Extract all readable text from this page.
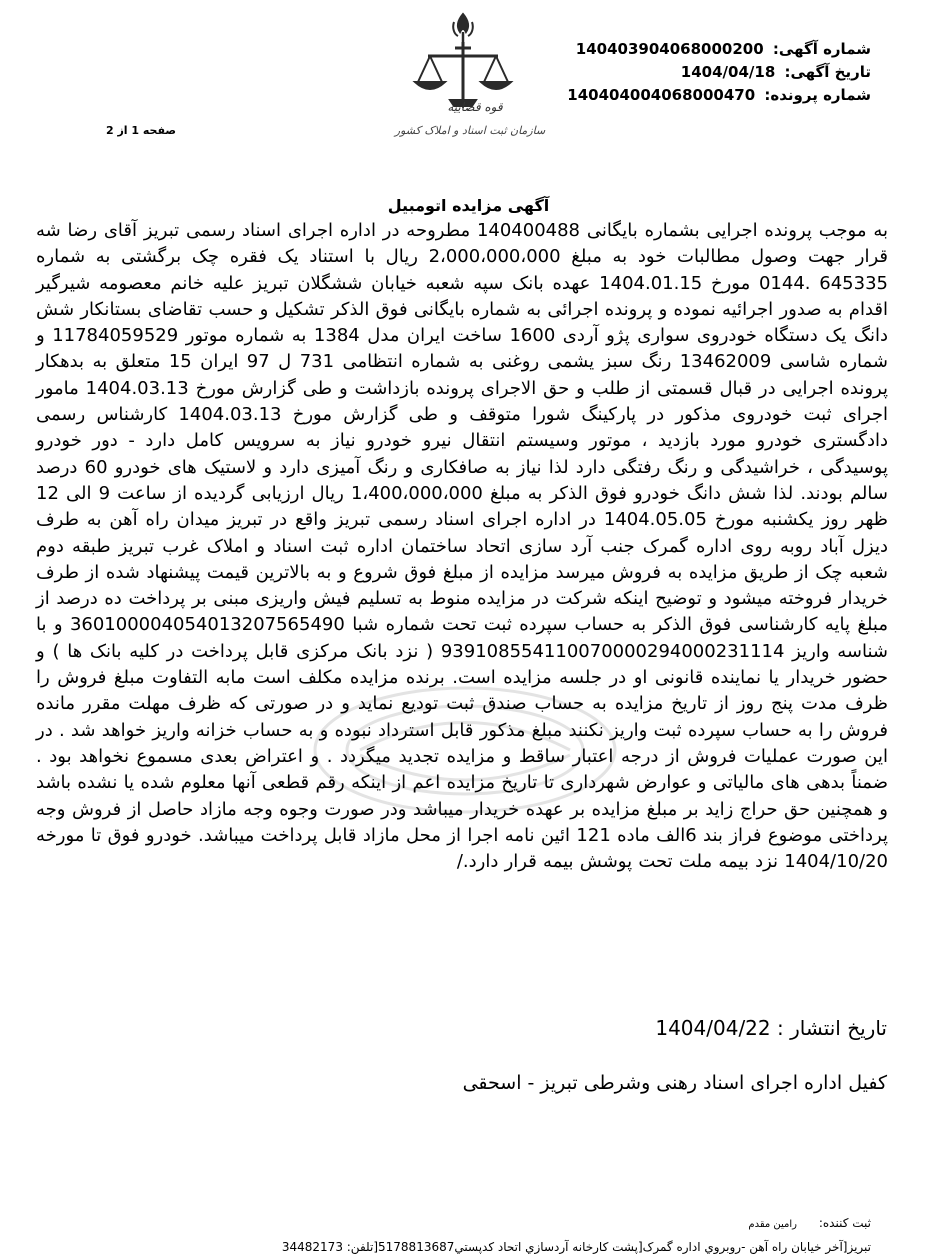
شماره آگهی: 140403904068000200
تاریخ آگهی: 1404/04/18
شماره پرونده: 140404004068000470
قوه قضاییه
سازمان ثبت اسناد و املاک کشور
صفحه 1 از 2
آگهی مزایده اتومبیل
به موجب پرونده اجرایی بشماره بایگانی 140400488 مطروحه در اداره اجرای اسناد رسمی تبریز آقای رضا شه قرار جهت وصول مطالبات خود به مبلغ 2،000،000،000 ریال با استناد یک فقره چک برگشتی به شماره 645335 .0144 مورخ 1404.01.15 عهده بانک سپه شعبه خیابان ششگلان تبریز علیه خانم معصومه شیرگیر اقدام به صدور اجرائیه نموده و پرونده اجرائی به شماره بایگانی فوق الذکر تشکیل و حسب تقاضای بستانکار شش دانگ یک دستگاه خودروی سواری پژو آردی 1600 ساخت ایران مدل 1384 به شماره موتور 11784059529 و شماره شاسی 13462009 رنگ سبز یشمی روغنی به شماره انتظامی 731 ل 97 ایران 15 متعلق به بدهکار پرونده اجرایی در قبال قسمتی از طلب و حق الاجرای پرونده بازداشت و طی گزارش مورخ 1404.03.13 مامور اجرای ثبت خودروی مذکور در پارکینگ شورا متوقف و طی گزارش مورخ 1404.03.13 کارشناس رسمی دادگستری خودرو مورد بازدید ، موتور وسیستم انتقال نیرو خودرو نیاز به سرویس کامل دارد - دور خودرو پوسیدگی ، خراشیدگی و رنگ رفتگی دارد لذا نیاز به صافکاری و رنگ آمیزی دارد و لاستیک های خودرو 60 درصد سالم بودند. لذا شش دانگ خودرو فوق الذکر به مبلغ 1،400،000،000 ریال ارزیابی گردیده از ساعت 9 الی 12 ظهر روز یکشنبه مورخ 1404.05.05 در اداره اجرای اسناد رسمی تبریز واقع در تبریز میدان راه آهن به طرف دیزل آباد روبه روی اداره گمرک جنب آرد سازی اتحاد ساختمان اداره ثبت اسناد و املاک غرب تبریز طبقه دوم شعبه چک از طریق مزایده به فروش میرسد مزایده از مبلغ فوق شروع و به بالاترین قیمت پیشنهاد شده از طرف خریدار فروخته میشود و توضیح اینکه شرکت در مزایده منوط به تسلیم فیش واریزی مبنی بر پرداخت ده درصد از مبلغ پایه کارشناسی فوق الذکر به حساب سپرده ثبت تحت شماره شبا 360100004054013207565490 و با شناسه واریز 939108554110070000294000231114 ( نزد بانک مرکزی قابل پرداخت در کلیه بانک ها ) و حضور خریدار یا نماینده قانونی او در جلسه مزایده است. برنده مزایده مکلف است مابه التفاوت مبلغ فروش را ظرف مدت پنج روز از تاریخ مزایده به حساب صندق ثبت تودیع نماید و در صورتی که ظرف مهلت مقرر مانده فروش را به حساب سپرده ثبت واریز نکنند مبلغ مذکور قابل استرداد نبوده و به حساب خزانه واریز خواهد شد . در این صورت عملیات فروش از درجه اعتبار ساقط و مزایده تجدید میگردد . و اعتراض بعدی مسموع نخواهد بود . ضمناً بدهی های مالیاتی و عوارض شهرداری تا تاریخ مزایده اعم از اینکه رقم قطعی آنها معلوم شده یا نشده باشد و همچنین حق حراج زاید بر مبلغ مزایده بر عهده خریدار میباشد ودر صورت وجوه وجه مازاد حاصل از فروش وجه پرداختی موضوع فراز بند 6الف ماده 121 ائین نامه اجرا از محل مازاد قابل پرداخت میباشد. خودرو فوق تا مورخه 1404/10/20 نزد بیمه ملت تحت پوشش بیمه قرار دارد./
تاریخ انتشار : 1404/04/22
کفیل اداره اجرای اسناد رهنی وشرطی تبریز - اسحقی
ثبت کننده: رامین مقدم
تبریز[آخر خیابان راه آهن -روبروي اداره گمرک[پشت کارخانه آردسازي اتحاد کدپستي5178813687[تلفن: 34482173
